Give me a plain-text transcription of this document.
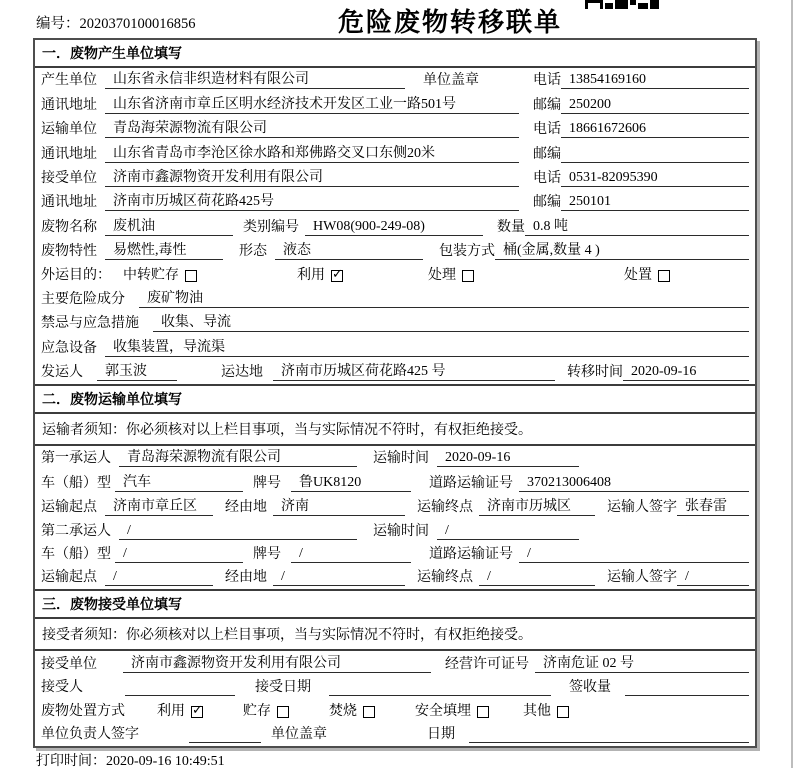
编号：2020370100016856	危险废物转移联单
一．废物产生单位填写
产生单位	山东省永信非织造材料有限公司	单位盖章	电话 13854169160
通讯地址	山东省济南市章丘区明水经济技术开发区工业一路501号	邮编 250200
运输单位	青岛海荣源物流有限公司	电话 18661672606
通讯地址	山东省青岛市李沧区徐水路和郑佛路交叉口东侧20米	邮编
接受单位	济南市鑫源物资开发利用有限公司	电话 0531-82095390
通讯地址	济南市历城区荷花路425号	邮编 250101
废物名称	废机油	类别编号	HW08(900-249-08)	数量 0.8 吨
废物特性	易燃性,毒性	形态	液态	包装方式 桶(金属,数量 4 )
外运目的： 中转贮存	利用 ✓	处理	处置
主要危险成分	废矿物油
禁忌与应急措施	收集、导流
应急设备	收集装置，导流渠
发运人	郭玉波	运达地	济南市历城区荷花路425 号	转移时间 2020-09-16
二．废物运输单位填写
运输者须知：你必须核对以上栏目事项，当与实际情况不符时，有权拒绝接受。
第一承运人	青岛海荣源物流有限公司	运输时间	2020-09-16
车（船）型 汽车	牌号	鲁UK8120	道路运输证号	370213006408
运输起点	济南市章丘区	经由地	济南	运输终点	济南市历城区	运输人签字 张春雷
第二承运人	/	运输时间	/
车（船）型 /	牌号	/	道路运输证号	/
运输起点	/	经由地	/	运输终点	/	运输人签字 /
三．废物接受单位填写
接受者须知：你必须核对以上栏目事项，当与实际情况不符时，有权拒绝接受。
接受单位	济南市鑫源物资开发利用有限公司	经营许可证号	济南危证 02 号
接受人	接受日期	签收量
废物处置方式 利用 ✓	贮存	焚烧	安全填埋	其他
单位负责人签字	单位盖章	日期
打印时间：2020-09-16 10:49:51
